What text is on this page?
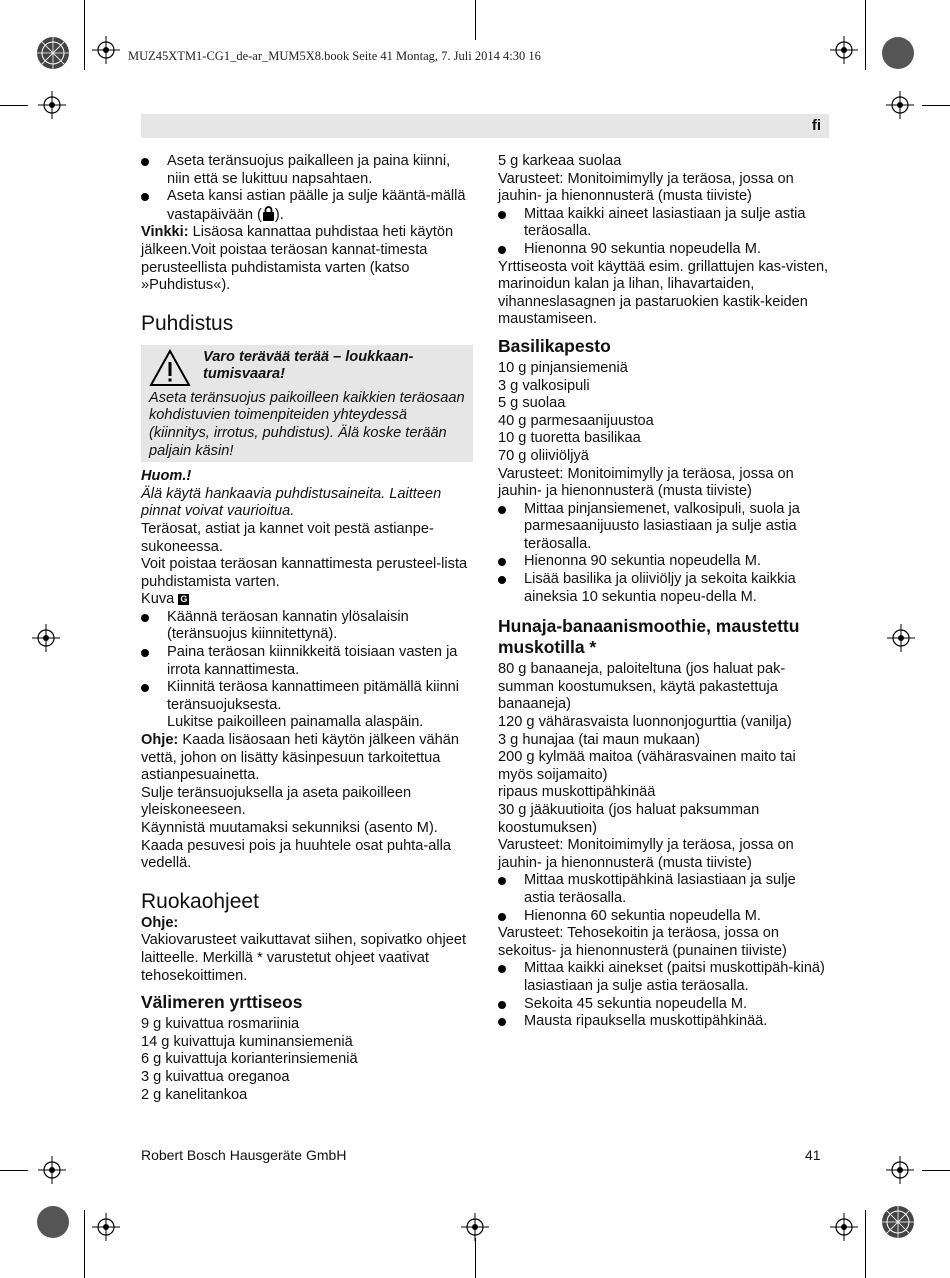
MUZ45XTM1-CG1_de-ar_MUM5X8.book Seite 41 Montag, 7. Juli 2014 4:30 16
fi

Aseta teränsuojus paikalleen ja paina kiinni, niin että se lukittuu napsahtaen.

Aseta kansi astian päälle ja sulje kääntä-mällä vastapäivään ( ).

Vinkki: Lisäosa kannattaa puhdistaa heti käytön jälkeen.Voit poistaa teräosan kannat-timesta perusteellista puhdistamista varten (katso »Puhdistus«).

Puhdistus

Varo terävää terää – loukkaan-tumisvaara!

Aseta teränsuojus paikoilleen kaikkien teräosaan kohdistuvien toimenpiteiden yhteydessä (kiinnitys, irrotus, puhdistus). Älä koske terään paljain käsin!

Huom.!

Älä käytä hankaavia puhdistusaineita. Laitteen pinnat voivat vaurioitua.

Teräosat, astiat ja kannet voit pestä astianpe-sukoneessa.

Voit poistaa teräosan kannattimesta perusteel-lista puhdistamista varten.

Kuva G

Käännä teräosan kannatin ylösalaisin (teränsuojus kiinnitettynä).

Paina teräosan kiinnikkeitä toisiaan vasten ja irrota kannattimesta.

Kiinnitä teräosa kannattimeen pitämällä kiinni teränsuojuksesta.

Lukitse paikoilleen painamalla alaspäin.

Ohje: Kaada lisäosaan heti käytön jälkeen vähän vettä, johon on lisätty käsinpesuun tarkoitettua astianpesuainetta.

Sulje teränsuojuksella ja aseta paikoilleen yleiskoneeseen.

Käynnistä muutamaksi sekunniksi (asento M).

Kaada pesuvesi pois ja huuhtele osat puhta-alla vedellä.

Ruokaohjeet

Ohje:

Vakiovarusteet vaikuttavat siihen, sopivatko ohjeet laitteelle. Merkillä * varustetut ohjeet vaativat tehosekoittimen.

Välimeren yrttiseos

9 g kuivattua rosmariinia

14 g kuivattuja kuminansiemeniä

6 g kuivattuja korianterinsiemeniä

3 g kuivattua oreganoa

2 g kanelitankoa

5 g karkeaa suolaa

Varusteet: Monitoimimylly ja teräosa, jossa on jauhin- ja hienonnusterä (musta tiiviste)

Mittaa kaikki aineet lasiastiaan ja sulje astia teräosalla.

Hienonna 90 sekuntia nopeudella M.

Yrttiseosta voit käyttää esim. grillattujen kas-visten, marinoidun kalan ja lihan, lihavartaiden, vihanneslasagnen ja pastaruokien kastik-keiden maustamiseen.

Basilikapesto

10 g pinjansiemeniä

3 g valkosipuli

5 g suolaa

40 g parmesaanijuustoa

10 g tuoretta basilikaa

70 g oliiviöljyä

Varusteet: Monitoimimylly ja teräosa, jossa on jauhin- ja hienonnusterä (musta tiiviste)

Mittaa pinjansiemenet, valkosipuli, suola ja parmesaanijuusto lasiastiaan ja sulje astia teräosalla.

Hienonna 90 sekuntia nopeudella M.

Lisää basilika ja oliiviöljy ja sekoita kaikkia aineksia 10 sekuntia nopeu-della M.

Hunaja-banaanismoothie, maustettu muskotilla *

80 g banaaneja, paloiteltuna (jos haluat pak-summan koostumuksen, käytä pakastettuja banaaneja)

120 g vähärasvaista luonnonjogurttia (vanilja)

3 g hunajaa (tai maun mukaan)

200 g kylmää maitoa (vähärasvainen maito tai myös soijamaito)

ripaus muskottipähkinää

30 g jääkuutioita (jos haluat paksumman koostumuksen)

Varusteet: Monitoimimylly ja teräosa, jossa on jauhin- ja hienonnusterä (musta tiiviste)

Mittaa muskottipähkinä lasiastiaan ja sulje astia teräosalla.

Hienonna 60 sekuntia nopeudella M.

Varusteet: Tehosekoitin ja teräosa, jossa on sekoitus- ja hienonnusterä (punainen tiiviste)

Mittaa kaikki ainekset (paitsi muskottipäh-kinä) lasiastiaan ja sulje astia teräosalla.

Sekoita 45 sekuntia nopeudella M.

Mausta ripauksella muskottipähkinää.

Robert Bosch Hausgeräte GmbH	41
